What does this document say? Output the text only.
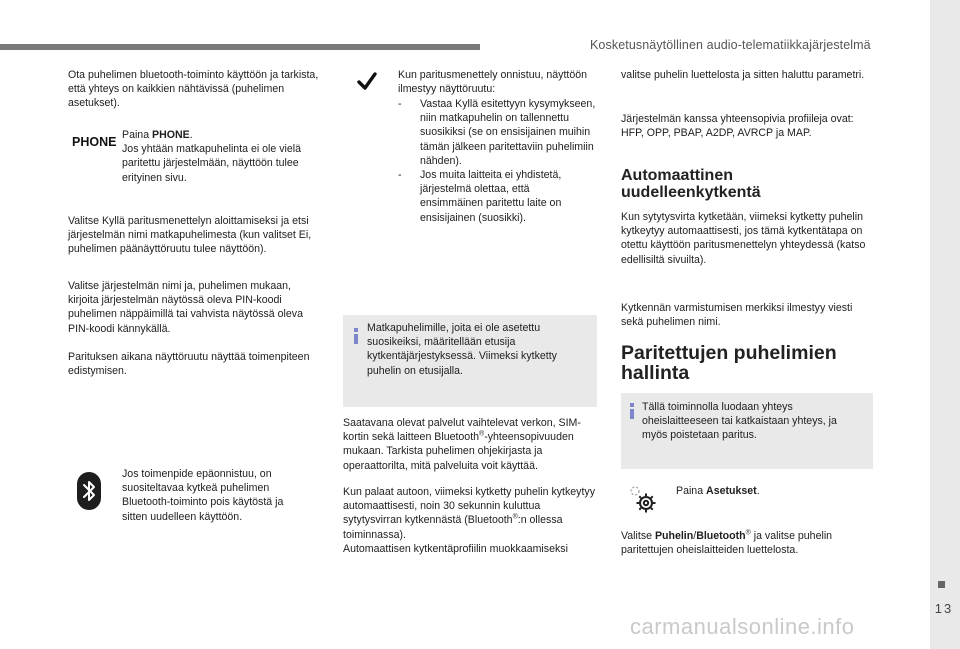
Kosketusnäytöllinen audio-telematiikkajärjestelmä
13

Ota puhelimen bluetooth-toiminto käyttöön ja tarkista, että yhteys on kaikkien nähtävissä (puhelimen asetukset).

PHONE Paina PHONE.
Jos yhtään matkapuhelinta ei ole vielä paritettu järjestelmään, näyttöön tulee erityinen sivu.

Valitse Kyllä paritusmenettelyn aloittamiseksi ja etsi järjestelmän nimi matkapuhelimesta (kun valitset Ei, puhelimen päänäyttöruutu tulee näyttöön).

Valitse järjestelmän nimi ja, puhelimen mukaan, kirjoita järjestelmän näytössä oleva PIN-koodi puhelimen näppäimillä tai vahvista näytössä oleva PIN-koodi kännykällä.

Parituksen aikana näyttöruutu näyttää toimenpiteen edistymisen.

Jos toimenpide epäonnistuu, on suositeltavaa kytkeä puhelimen Bluetooth-toiminto pois käytöstä ja sitten uudelleen käyttöön.

Kun paritusmenettely onnistuu, näyttöön ilmestyy näyttöruutu:

- Vastaa Kyllä esitettyyn kysymykseen, niin matkapuhelin on tallennettu suosikiksi (se on ensisijainen muihin tämän jälkeen paritettaviin puhelimiin nähden).

- Jos muita laitteita ei yhdistetä, järjestelmä olettaa, että ensimmäinen paritettu laite on ensisijainen (suosikki).

Matkapuhelimille, joita ei ole asetettu suosikeiksi, määritellään etusija kytkentäjärjestyksessä. Viimeksi kytketty puhelin on etusijalla.

Saatavana olevat palvelut vaihtelevat verkon, SIM-kortin sekä laitteen Bluetooth®-yhteensopivuuden mukaan. Tarkista puhelimen ohjekirjasta ja operaattorilta, mitä palveluita voit käyttää.

Kun palaat autoon, viimeksi kytketty puhelin kytkeytyy automaattisesti, noin 30 sekunnin kuluttua sytytysvirran kytkennästä (Bluetooth®:n ollessa toiminnassa).
Automaattisen kytkentäprofiilin muokkaamiseksi

valitse puhelin luettelosta ja sitten haluttu parametri.

Järjestelmän kanssa yhteensopivia profiileja ovat: HFP, OPP, PBAP, A2DP, AVRCP ja MAP.

Automaattinen uudelleenkytkentä

Kun sytytysvirta kytketään, viimeksi kytketty puhelin kytkeytyy automaattisesti, jos tämä kytkentätapa on otettu käyttöön paritusmenettelyn yhteydessä (katso edellisiltä sivuilta).

Kytkennän varmistumisen merkiksi ilmestyy viesti sekä puhelimen nimi.

Paritettujen puhelimien hallinta

Tällä toiminnolla luodaan yhteys oheislaitteeseen tai katkaistaan yhteys, ja myös poistetaan paritus.

Paina Asetukset.

Valitse Puhelin/Bluetooth® ja valitse puhelin paritettujen oheislaitteiden luettelosta.

carmanualsonline.info
